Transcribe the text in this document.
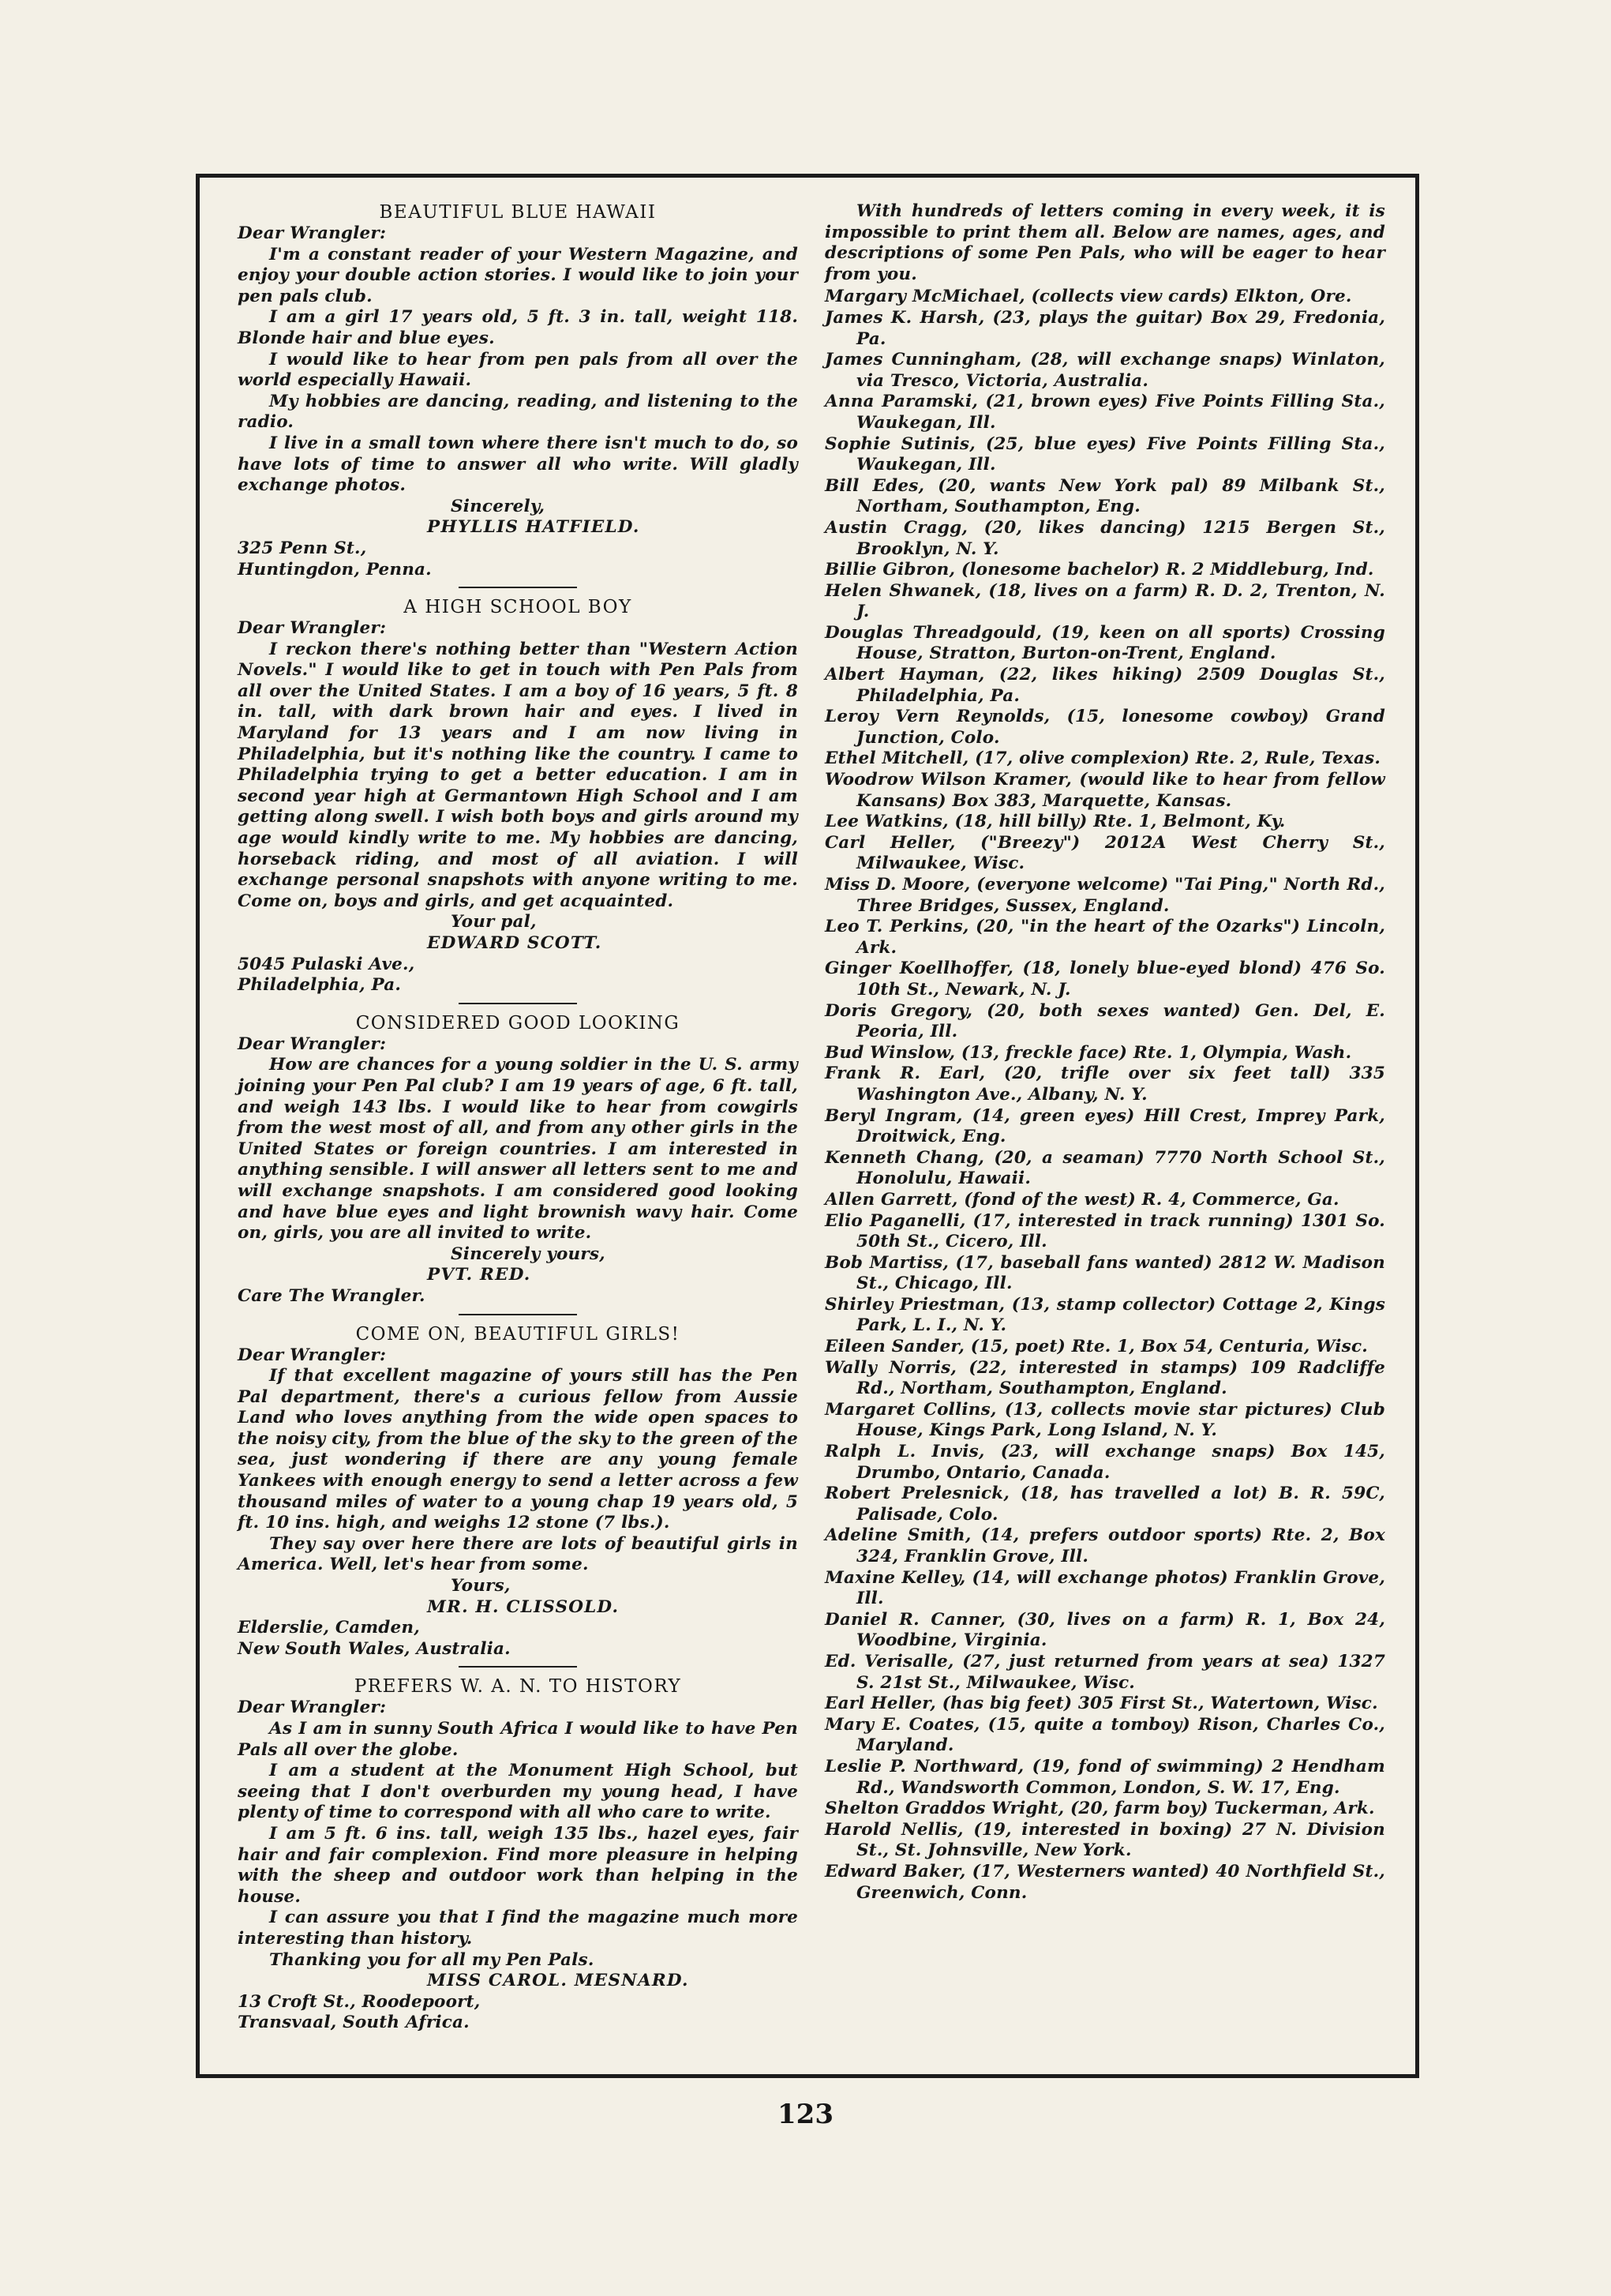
BEAUTIFUL BLUE HAWAII

Dear Wrangler:

I'm a constant reader of your Western Magazine, and enjoy your double action stories. I would like to join your pen pals club.

I am a girl 17 years old, 5 ft. 3 in. tall, weight 118. Blonde hair and blue eyes.

I would like to hear from pen pals from all over the world especially Hawaii.

My hobbies are dancing, reading, and listening to the radio.

I live in a small town where there isn't much to do, so have lots of time to answer all who write. Will gladly exchange photos.

Sincerely,

PHYLLIS HATFIELD.

325 Penn St.,

Huntingdon, Penna.

A HIGH SCHOOL BOY

Dear Wrangler:

I reckon there's nothing better than "Western Action Novels." I would like to get in touch with Pen Pals from all over the United States. I am a boy of 16 years, 5 ft. 8 in. tall, with dark brown hair and eyes. I lived in Maryland for 13 years and I am now living in Philadelphia, but it's nothing like the country. I came to Philadelphia trying to get a better education. I am in second year high at Germantown High School and I am getting along swell. I wish both boys and girls around my age would kindly write to me. My hobbies are dancing, horseback riding, and most of all aviation. I will exchange personal snapshots with anyone writing to me. Come on, boys and girls, and get acquainted.

Your pal,

EDWARD SCOTT.

5045 Pulaski Ave.,

Philadelphia, Pa.

CONSIDERED GOOD LOOKING

Dear Wrangler:

How are chances for a young soldier in the U. S. army joining your Pen Pal club? I am 19 years of age, 6 ft. tall, and weigh 143 lbs. I would like to hear from cowgirls from the west most of all, and from any other girls in the United States or foreign countries. I am interested in anything sensible. I will answer all letters sent to me and will exchange snapshots. I am considered good looking and have blue eyes and light brownish wavy hair. Come on, girls, you are all invited to write.

Sincerely yours,

PVT. RED.

Care The Wrangler.

COME ON, BEAUTIFUL GIRLS!

Dear Wrangler:

If that excellent magazine of yours still has the Pen Pal department, there's a curious fellow from Aussie Land who loves anything from the wide open spaces to the noisy city, from the blue of the sky to the green of the sea, just wondering if there are any young female Yankees with enough energy to send a letter across a few thousand miles of water to a young chap 19 years old, 5 ft. 10 ins. high, and weighs 12 stone (7 lbs.).

They say over here there are lots of beautiful girls in America. Well, let's hear from some.

Yours,

MR. H. CLISSOLD.

Elderslie, Camden,

New South Wales, Australia.

PREFERS W. A. N. TO HISTORY

Dear Wrangler:

As I am in sunny South Africa I would like to have Pen Pals all over the globe.

I am a student at the Monument High School, but seeing that I don't overburden my young head, I have plenty of time to correspond with all who care to write.

I am 5 ft. 6 ins. tall, weigh 135 lbs., hazel eyes, fair hair and fair complexion. Find more pleasure in helping with the sheep and outdoor work than helping in the house.

I can assure you that I find the magazine much more interesting than history.

Thanking you for all my Pen Pals.

MISS CAROL. MESNARD.

13 Croft St., Roodepoort,

Transvaal, South Africa.

With hundreds of letters coming in every week, it is impossible to print them all. Below are names, ages, and descriptions of some Pen Pals, who will be eager to hear from you.

Margary McMichael, (collects view cards) Elkton, Ore.

James K. Harsh, (23, plays the guitar) Box 29, Fredonia, Pa.

James Cunningham, (28, will exchange snaps) Winlaton, via Tresco, Victoria, Australia.

Anna Paramski, (21, brown eyes) Five Points Filling Sta., Waukegan, Ill.

Sophie Sutinis, (25, blue eyes) Five Points Filling Sta., Waukegan, Ill.

Bill Edes, (20, wants New York pal) 89 Milbank St., Northam, Southampton, Eng.

Austin Cragg, (20, likes dancing) 1215 Bergen St., Brooklyn, N. Y.

Billie Gibron, (lonesome bachelor) R. 2 Middleburg, Ind.

Helen Shwanek, (18, lives on a farm) R. D. 2, Trenton, N. J.

Douglas Threadgould, (19, keen on all sports) Crossing House, Stratton, Burton-on-Trent, England.

Albert Hayman, (22, likes hiking) 2509 Douglas St., Philadelphia, Pa.

Leroy Vern Reynolds, (15, lonesome cowboy) Grand Junction, Colo.

Ethel Mitchell, (17, olive complexion) Rte. 2, Rule, Texas.

Woodrow Wilson Kramer, (would like to hear from fellow Kansans) Box 383, Marquette, Kansas.

Lee Watkins, (18, hill billy) Rte. 1, Belmont, Ky.

Carl Heller, ("Breezy") 2012A West Cherry St., Milwaukee, Wisc.

Miss D. Moore, (everyone welcome) "Tai Ping," North Rd., Three Bridges, Sussex, England.

Leo T. Perkins, (20, "in the heart of the Ozarks") Lincoln, Ark.

Ginger Koellhoffer, (18, lonely blue-eyed blond) 476 So. 10th St., Newark, N. J.

Doris Gregory, (20, both sexes wanted) Gen. Del, E. Peoria, Ill.

Bud Winslow, (13, freckle face) Rte. 1, Olympia, Wash.

Frank R. Earl, (20, trifle over six feet tall) 335 Washington Ave., Albany, N. Y.

Beryl Ingram, (14, green eyes) Hill Crest, Imprey Park, Droitwick, Eng.

Kenneth Chang, (20, a seaman) 7770 North School St., Honolulu, Hawaii.

Allen Garrett, (fond of the west) R. 4, Commerce, Ga.

Elio Paganelli, (17, interested in track running) 1301 So. 50th St., Cicero, Ill.

Bob Martiss, (17, baseball fans wanted) 2812 W. Madison St., Chicago, Ill.

Shirley Priestman, (13, stamp collector) Cottage 2, Kings Park, L. I., N. Y.

Eileen Sander, (15, poet) Rte. 1, Box 54, Centuria, Wisc.

Wally Norris, (22, interested in stamps) 109 Radcliffe Rd., Northam, Southampton, England.

Margaret Collins, (13, collects movie star pictures) Club House, Kings Park, Long Island, N. Y.

Ralph L. Invis, (23, will exchange snaps) Box 145, Drumbo, Ontario, Canada.

Robert Prelesnick, (18, has travelled a lot) B. R. 59C, Palisade, Colo.

Adeline Smith, (14, prefers outdoor sports) Rte. 2, Box 324, Franklin Grove, Ill.

Maxine Kelley, (14, will exchange photos) Franklin Grove, Ill.

Daniel R. Canner, (30, lives on a farm) R. 1, Box 24, Woodbine, Virginia.

Ed. Verisalle, (27, just returned from years at sea) 1327 S. 21st St., Milwaukee, Wisc.

Earl Heller, (has big feet) 305 First St., Watertown, Wisc.

Mary E. Coates, (15, quite a tomboy) Rison, Charles Co., Maryland.

Leslie P. Northward, (19, fond of swimming) 2 Hendham Rd., Wandsworth Common, London, S. W. 17, Eng.

Shelton Graddos Wright, (20, farm boy) Tuckerman, Ark.

Harold Nellis, (19, interested in boxing) 27 N. Division St., St. Johnsville, New York.

Edward Baker, (17, Westerners wanted) 40 Northfield St., Greenwich, Conn.

123
